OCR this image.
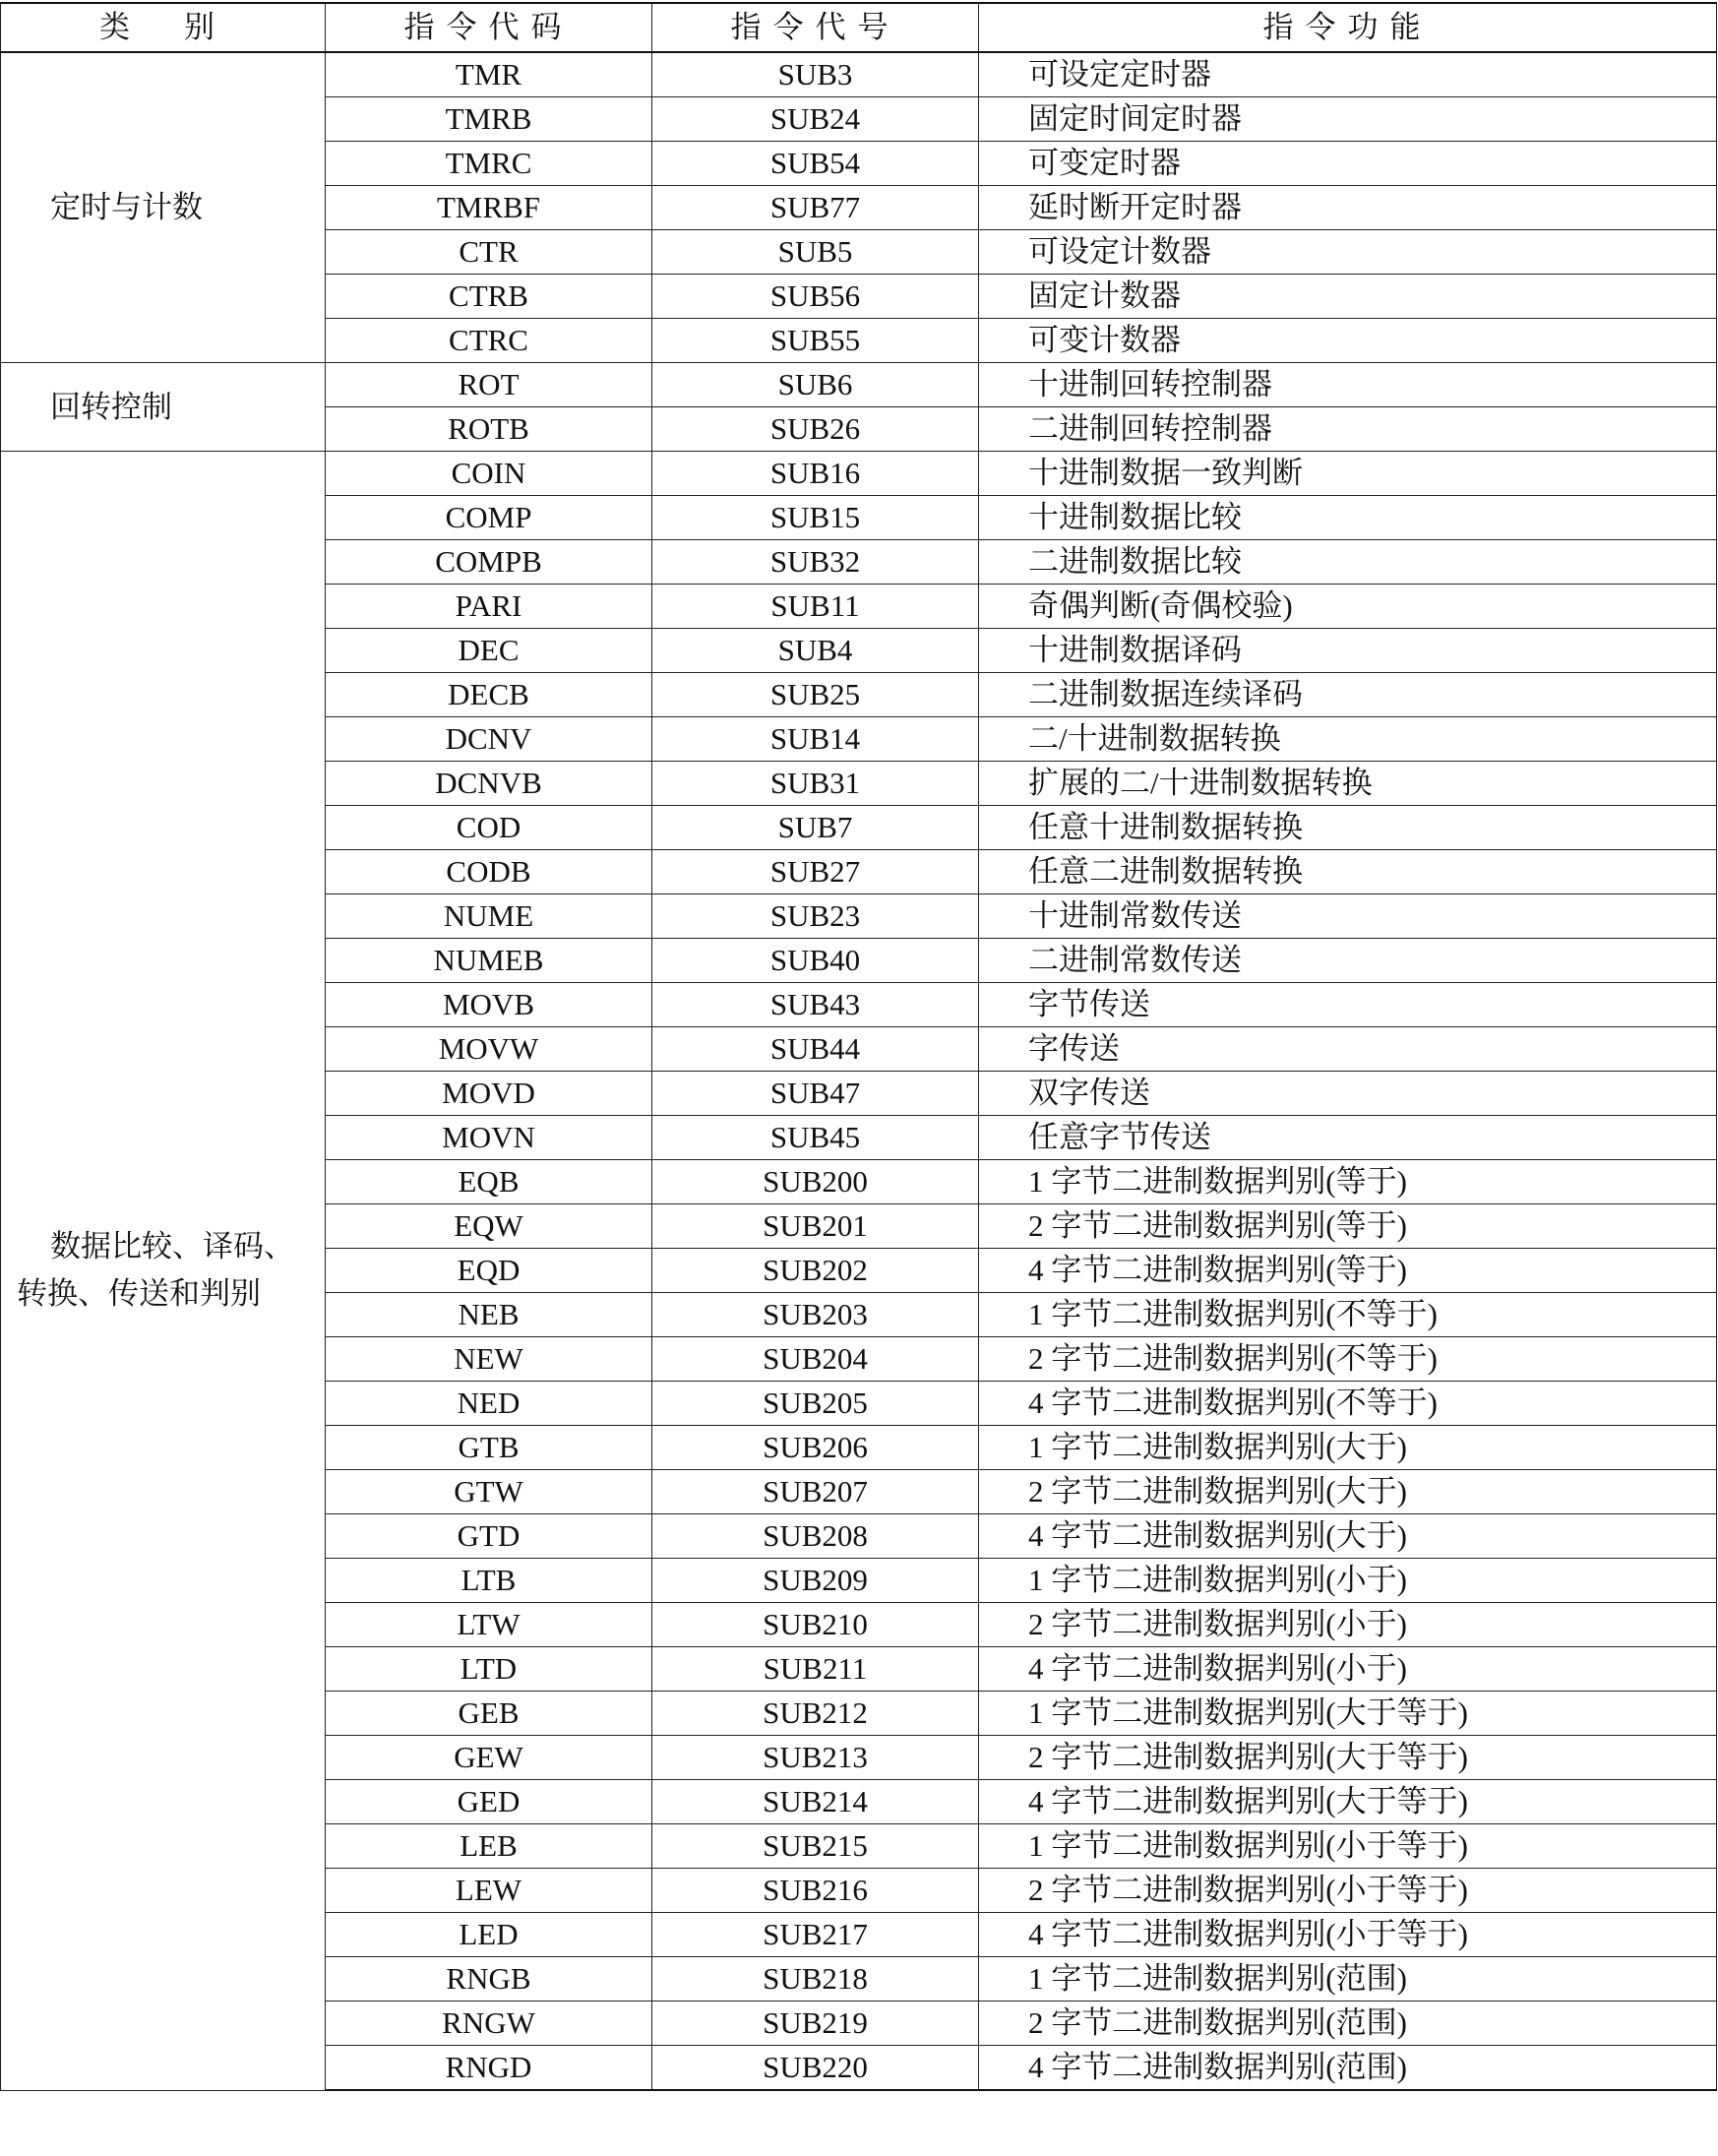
类　别	指令代码	指令代号	指令功能

定时与计数	TMR	SUB3	可设定定时器
	TMRB	SUB24	固定时间定时器
	TMRC	SUB54	可变定时器
	TMRBF	SUB77	延时断开定时器
	CTR	SUB5	可设定计数器
	CTRB	SUB56	固定计数器
	CTRC	SUB55	可变计数器

回转控制	ROT	SUB6	十进制回转控制器
	ROTB	SUB26	二进制回转控制器

数据比较、译码、转换、传送和判别	COIN	SUB16	十进制数据一致判断
	COMP	SUB15	十进制数据比较
	COMPB	SUB32	二进制数据比较
	PARI	SUB11	奇偶判断(奇偶校验)
	DEC	SUB4	十进制数据译码
	DECB	SUB25	二进制数据连续译码
	DCNV	SUB14	二/十进制数据转换
	DCNVB	SUB31	扩展的二/十进制数据转换
	COD	SUB7	任意十进制数据转换
	CODB	SUB27	任意二进制数据转换
	NUME	SUB23	十进制常数传送
	NUMEB	SUB40	二进制常数传送
	MOVB	SUB43	字节传送
	MOVW	SUB44	字传送
	MOVD	SUB47	双字传送
	MOVN	SUB45	任意字节传送
	EQB	SUB200	1 字节二进制数据判别(等于)
	EQW	SUB201	2 字节二进制数据判别(等于)
	EQD	SUB202	4 字节二进制数据判别(等于)
	NEB	SUB203	1 字节二进制数据判别(不等于)
	NEW	SUB204	2 字节二进制数据判别(不等于)
	NED	SUB205	4 字节二进制数据判别(不等于)
	GTB	SUB206	1 字节二进制数据判别(大于)
	GTW	SUB207	2 字节二进制数据判别(大于)
	GTD	SUB208	4 字节二进制数据判别(大于)
	LTB	SUB209	1 字节二进制数据判别(小于)
	LTW	SUB210	2 字节二进制数据判别(小于)
	LTD	SUB211	4 字节二进制数据判别(小于)
	GEB	SUB212	1 字节二进制数据判别(大于等于)
	GEW	SUB213	2 字节二进制数据判别(大于等于)
	GED	SUB214	4 字节二进制数据判别(大于等于)
	LEB	SUB215	1 字节二进制数据判别(小于等于)
	LEW	SUB216	2 字节二进制数据判别(小于等于)
	LED	SUB217	4 字节二进制数据判别(小于等于)
	RNGB	SUB218	1 字节二进制数据判别(范围)
	RNGW	SUB219	2 字节二进制数据判别(范围)
	RNGD	SUB220	4 字节二进制数据判别(范围)
